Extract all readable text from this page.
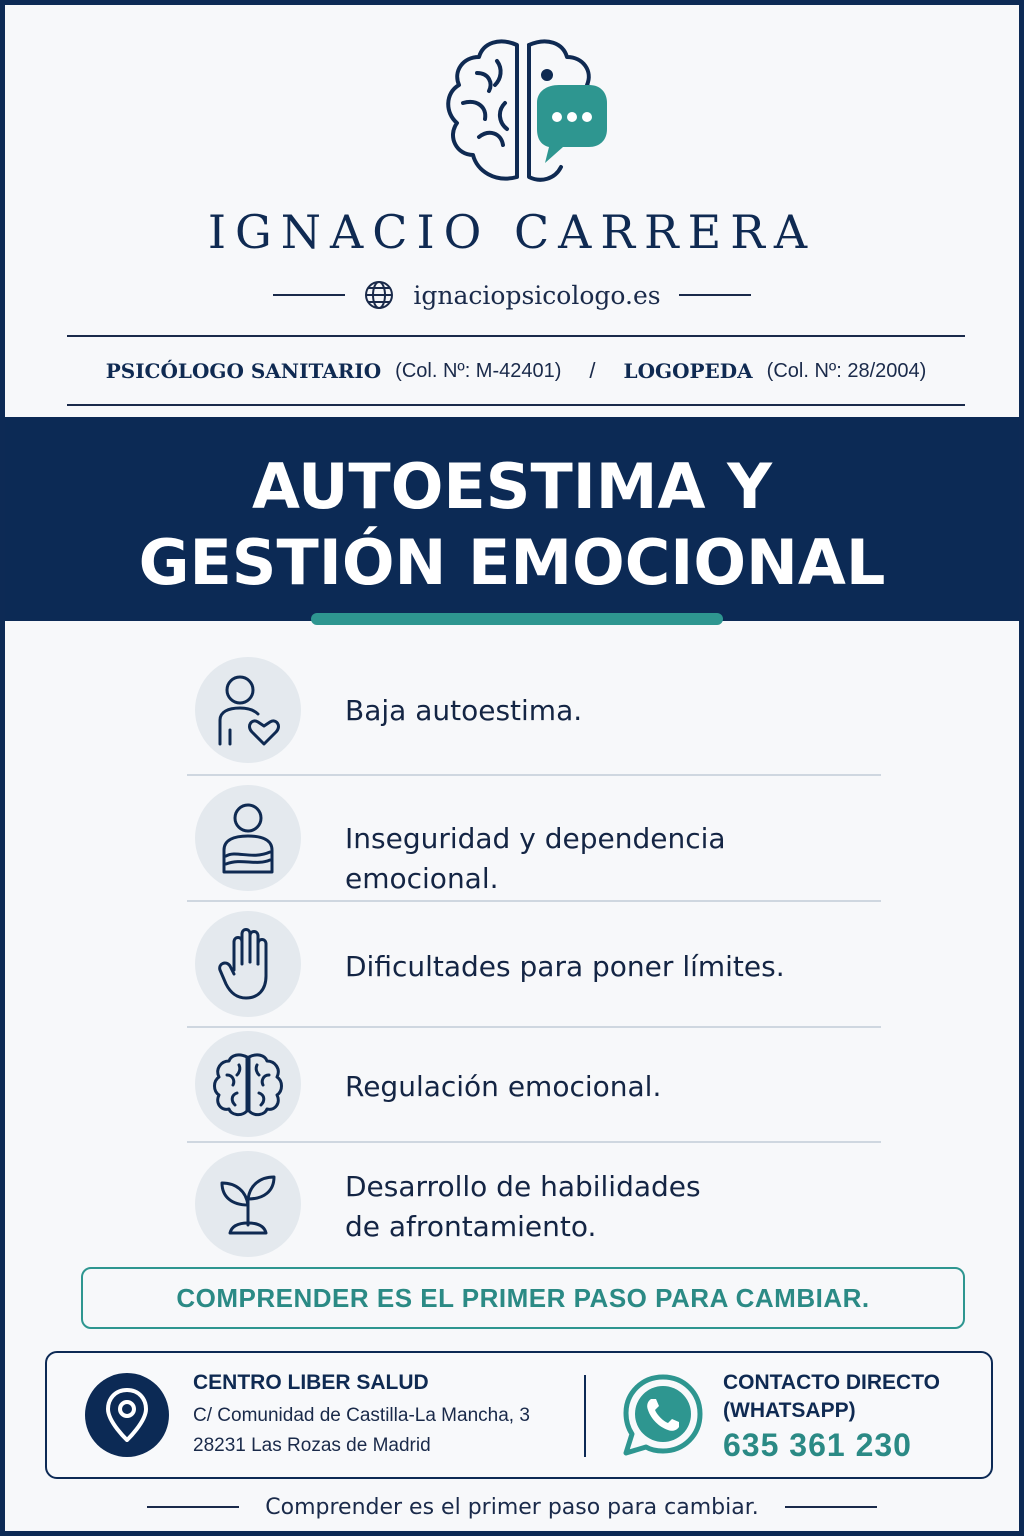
IGNACIO CARRERA
ignaciopsicologo.es
PSICÓLOGO SANITARIO (Col. Nº: M-42401) / LOGOPEDA (Col. Nº: 28/2004)
AUTOESTIMA Y
GESTIÓN EMOCIONAL
Baja autoestima.
Inseguridad y dependencia emocional.
Dificultades para poner límites.
Regulación emocional.
Desarrollo de habilidades
de afrontamiento.
COMPRENDER ES EL PRIMER PASO PARA CAMBIAR.
CENTRO LIBER SALUD
C/ Comunidad de Castilla-La Mancha, 3
28231 Las Rozas de Madrid
CONTACTO DIRECTO
(WHATSAPP)
635 361 230
Comprender es el primer paso para cambiar.
